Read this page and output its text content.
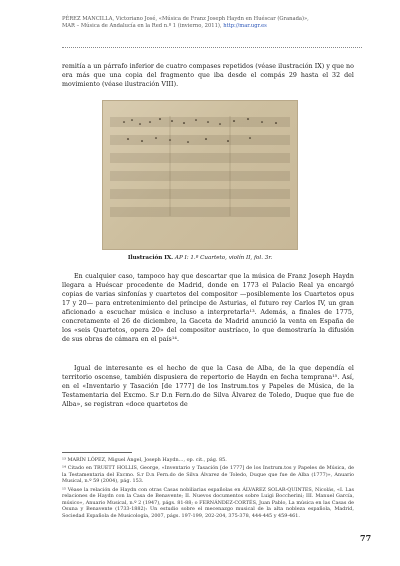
PÉREZ MANCILLA, Victoriano José, «Música de Franz Joseph Haydn en Huéscar (Granada)»,
MAR – Música de Andalucía en la Red n.º 1 (invierno, 2011), http://mar.ugr.es
remitía a un párrafo inferior de cuatro compases repetidos (véase ilustración IX) y que no era más que una copia del fragmento que iba desde el compás 29 hasta el 32 del movimiento (véase ilustración VIII).
Ilustración IX. AP I: 1.º Cuarteto, violín II, fol. 3r.
En cualquier caso, tampoco hay que descartar que la música de Franz Joseph Haydn llegara a Huéscar procedente de Madrid, donde en 1773 el Palacio Real ya encargó copias de varias sinfonías y cuartetos del compositor —posiblemente los Cuartetos opus 17 y 20— para entretenimiento del príncipe de Asturias, el futuro rey Carlos IV, un gran aficionado a escuchar música e incluso a interpretarla¹³. Además, a finales de 1775, concretamente el 26 de diciembre, la Gaceta de Madrid anunció la venta en España de los «seis Quartetos, opera 20» del compositor austríaco, lo que demostraría la difusión de sus obras de cámara en el país¹⁴.
Igual de interesante es el hecho de que la Casa de Alba, de la que dependía el territorio oscense, también dispusiera de repertorio de Haydn en fecha temprana¹⁵. Así, en el «Inventario y Tasación [de 1777] de los Instrum.tos y Papeles de Música, de la Testamentaria del Excmo. S.r D.n Fern.do de Silva Álvarez de Toledo, Duque que fue de Alba», se registran «doce quartetos de

¹³ MARÍN LÓPEZ, Miguel Ángel, Joseph Haydn…, op. cit., pág. 85.

¹⁴ Citado en TRUETT HOLLIS, George, «Inventario y Tasación [de 1777] de los Instrum.tos y Papeles de Música, de la Testamentaria del Excmo. S.r D.n Fern.do de Silva Álvarez de Toledo, Duque que fue de Alba (1777)», Anuario Musical, n.º 59 (2004), pág. 153.

¹⁵ Véase la relación de Haydn con otras Casas nobiliarias españolas en ÁLVAREZ SOLAR-QUINTES, Nicolás, «I. Las relaciones de Haydn con la Casa de Benavente; II. Nuevos documentos sobre Luigi Boccherini; III. Manuel García, músico», Anuario Musical, n.º 2 (1947), págs. 81-88; o FERNÁNDEZ-CORTÉS, Juan Pablo, La música en las Casas de Osuna y Benavente (1733-1882): Un estudio sobre el mecenazgo musical de la alta nobleza española, Madrid, Sociedad Española de Musicología, 2007, págs. 197-199, 202-204, 375-378, 444-445 y 459-461.

77
